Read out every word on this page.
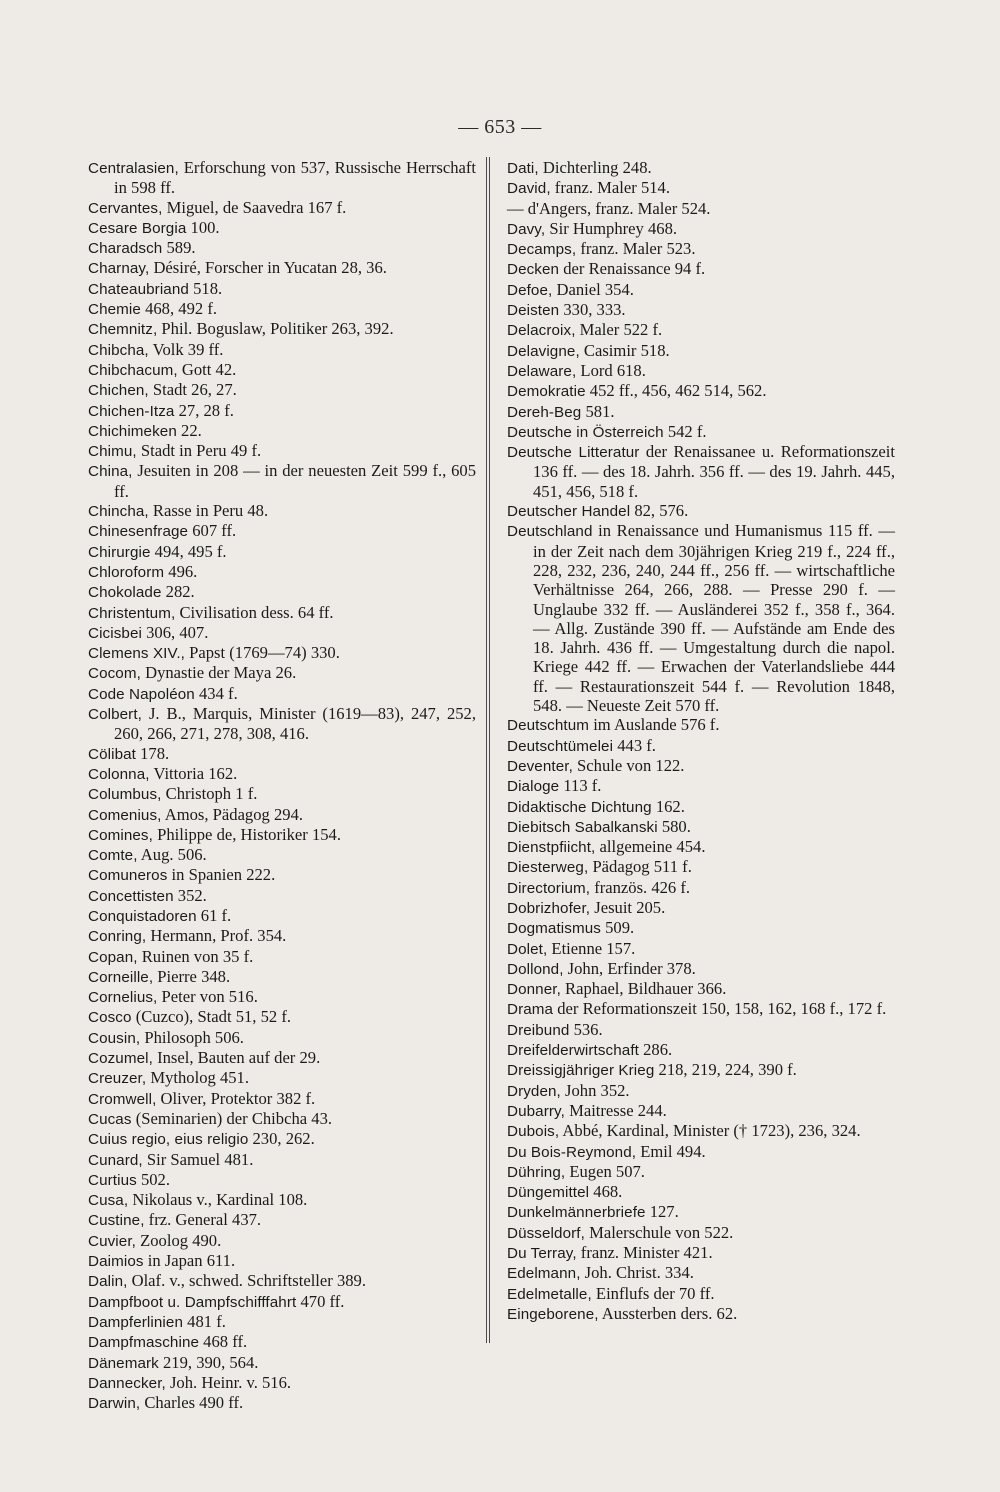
— 653 —

Centralasien, Erforschung von 537, Russische Herrschaft in 598 ff.

Cervantes, Miguel, de Saavedra 167 f.

Cesare Borgia 100.

Charadsch 589.

Charnay, Désiré, Forscher in Yucatan 28, 36.

Chateaubriand 518.

Chemie 468, 492 f.

Chemnitz, Phil. Boguslaw, Politiker 263, 392.

Chibcha, Volk 39 ff.

Chibchacum, Gott 42.

Chichen, Stadt 26, 27.

Chichen-Itza 27, 28 f.

Chichimeken 22.

Chimu, Stadt in Peru 49 f.

China, Jesuiten in 208 — in der neuesten Zeit 599 f., 605 ff.

Chincha, Rasse in Peru 48.

Chinesenfrage 607 ff.

Chirurgie 494, 495 f.

Chloroform 496.

Chokolade 282.

Christentum, Civilisation dess. 64 ff.

Cicisbei 306, 407.

Clemens XIV., Papst (1769—74) 330.

Cocom, Dynastie der Maya 26.

Code Napoléon 434 f.

Colbert, J. B., Marquis, Minister (1619—83), 247, 252, 260, 266, 271, 278, 308, 416.

Cölibat 178.

Colonna, Vittoria 162.

Columbus, Christoph 1 f.

Comenius, Amos, Pädagog 294.

Comines, Philippe de, Historiker 154.

Comte, Aug. 506.

Comuneros in Spanien 222.

Concettisten 352.

Conquistadoren 61 f.

Conring, Hermann, Prof. 354.

Copan, Ruinen von 35 f.

Corneille, Pierre 348.

Cornelius, Peter von 516.

Cosco (Cuzco), Stadt 51, 52 f.

Cousin, Philosoph 506.

Cozumel, Insel, Bauten auf der 29.

Creuzer, Mytholog 451.

Cromwell, Oliver, Protektor 382 f.

Cucas (Seminarien) der Chibcha 43.

Cuius regio, eius religio 230, 262.

Cunard, Sir Samuel 481.

Curtius 502.

Cusa, Nikolaus v., Kardinal 108.

Custine, frz. General 437.

Cuvier, Zoolog 490.

Daimios in Japan 611.

Dalin, Olaf. v., schwed. Schriftsteller 389.

Dampfboot u. Dampfschifffahrt 470 ff.

Dampferlinien 481 f.

Dampfmaschine 468 ff.

Dänemark 219, 390, 564.

Dannecker, Joh. Heinr. v. 516.

Darwin, Charles 490 ff.

Dati, Dichterling 248.

David, franz. Maler 514.

— d'Angers, franz. Maler 524.

Davy, Sir Humphrey 468.

Decamps, franz. Maler 523.

Decken der Renaissance 94 f.

Defoe, Daniel 354.

Deisten 330, 333.

Delacroix, Maler 522 f.

Delavigne, Casimir 518.

Delaware, Lord 618.

Demokratie 452 ff., 456, 462 514, 562.

Dereh-Beg 581.

Deutsche in Österreich 542 f.

Deutsche Litteratur der Renaissanee u. Reformationszeit 136 ff. — des 18. Jahrh. 356 ff. — des 19. Jahrh. 445, 451, 456, 518 f.

Deutscher Handel 82, 576.

Deutschland in Renaissance und Humanismus 115 ff. — in der Zeit nach dem 30jährigen Krieg 219 f., 224 ff., 228, 232, 236, 240, 244 ff., 256 ff. — wirtschaftliche Verhältnisse 264, 266, 288. — Presse 290 f. — Unglaube 332 ff. — Ausländerei 352 f., 358 f., 364. — Allg. Zustände 390 ff. — Aufstände am Ende des 18. Jahrh. 436 ff. — Umgestaltung durch die napol. Kriege 442 ff. — Erwachen der Vaterlandsliebe 444 ff. — Restaurationszeit 544 f. — Revolution 1848, 548. — Neueste Zeit 570 ff.

Deutschtum im Auslande 576 f.

Deutschtümelei 443 f.

Deventer, Schule von 122.

Dialoge 113 f.

Didaktische Dichtung 162.

Diebitsch Sabalkanski 580.

Dienstpfiicht, allgemeine 454.

Diesterweg, Pädagog 511 f.

Directorium, französ. 426 f.

Dobrizhofer, Jesuit 205.

Dogmatismus 509.

Dolet, Etienne 157.

Dollond, John, Erfinder 378.

Donner, Raphael, Bildhauer 366.

Drama der Reformationszeit 150, 158, 162, 168 f., 172 f.

Dreibund 536.

Dreifelderwirtschaft 286.

Dreissigjähriger Krieg 218, 219, 224, 390 f.

Dryden, John 352.

Dubarry, Maitresse 244.

Dubois, Abbé, Kardinal, Minister († 1723), 236, 324.

Du Bois-Reymond, Emil 494.

Dühring, Eugen 507.

Düngemittel 468.

Dunkelmännerbriefe 127.

Düsseldorf, Malerschule von 522.

Du Terray, franz. Minister 421.

Edelmann, Joh. Christ. 334.

Edelmetalle, Einflufs der 70 ff.

Eingeborene, Aussterben ders. 62.
